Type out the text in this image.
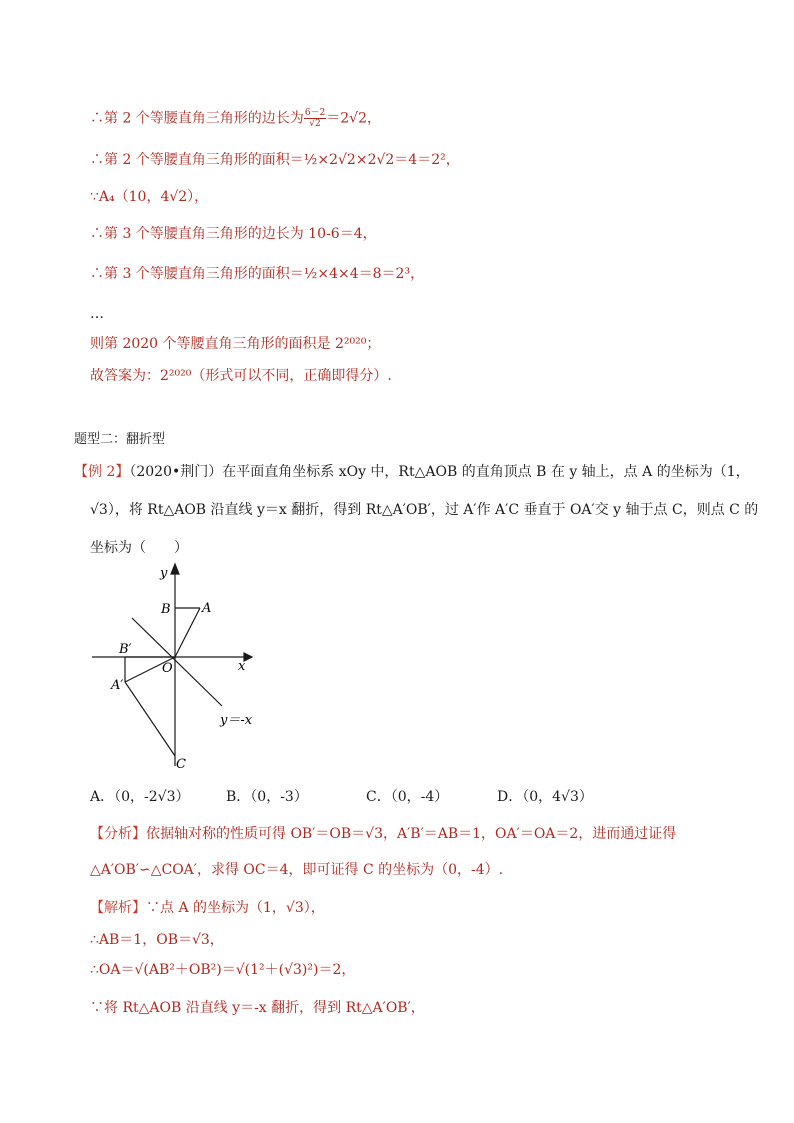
∴第 2 个等腰直角三角形的边长为 $\frac{6-2}{√2} =2√2$，
∴第 2 个等腰直角三角形的面积＝½×2√2×2√2＝4＝2²，
∵A₄（10，4√2），
∴第 3 个等腰直角三角形的边长为 10-6＝4，
∴第 3 个等腰直角三角形的面积＝½×4×4＝8＝2³，
…
则第 2020 个等腰直角三角形的面积是 2²⁰²⁰；
故答案为：2²⁰²⁰（形式可以不同，正确即得分）.
题型二：翻折型
【例 2】（2020•荆门）在平面直角坐标系 xOy 中，Rt△AOB 的直角顶点 B 在 y 轴上，点 A 的坐标为（1，
√3），将 Rt△AOB 沿直线 y＝x 翻折，得到 Rt△A′OB′，过 A′作 A′C 垂直于 OA′交 y 轴于点 C，则点 C 的
坐标为（　　）
y
x
B A
B′
O
A′
y＝-x
C
A．（0，-2√3）	B．（0，-3）	C．（0，-4）	D．（0，4√3）
【分析】依据轴对称的性质可得 OB′＝OB＝√3，A′B′＝AB＝1，OA′＝OA＝2，进而通过证得
△A′OB′∽△COA′，求得 OC＝4，即可证得 C 的坐标为（0，-4）.
【解析】∵点 A 的坐标为（1，√3），
∴AB＝1，OB＝√3，
∴OA＝√(AB²＋OB²)＝√(1²＋(√3)²)＝2，
∵将 Rt△AOB 沿直线 y＝-x 翻折，得到 Rt△A′OB′，
